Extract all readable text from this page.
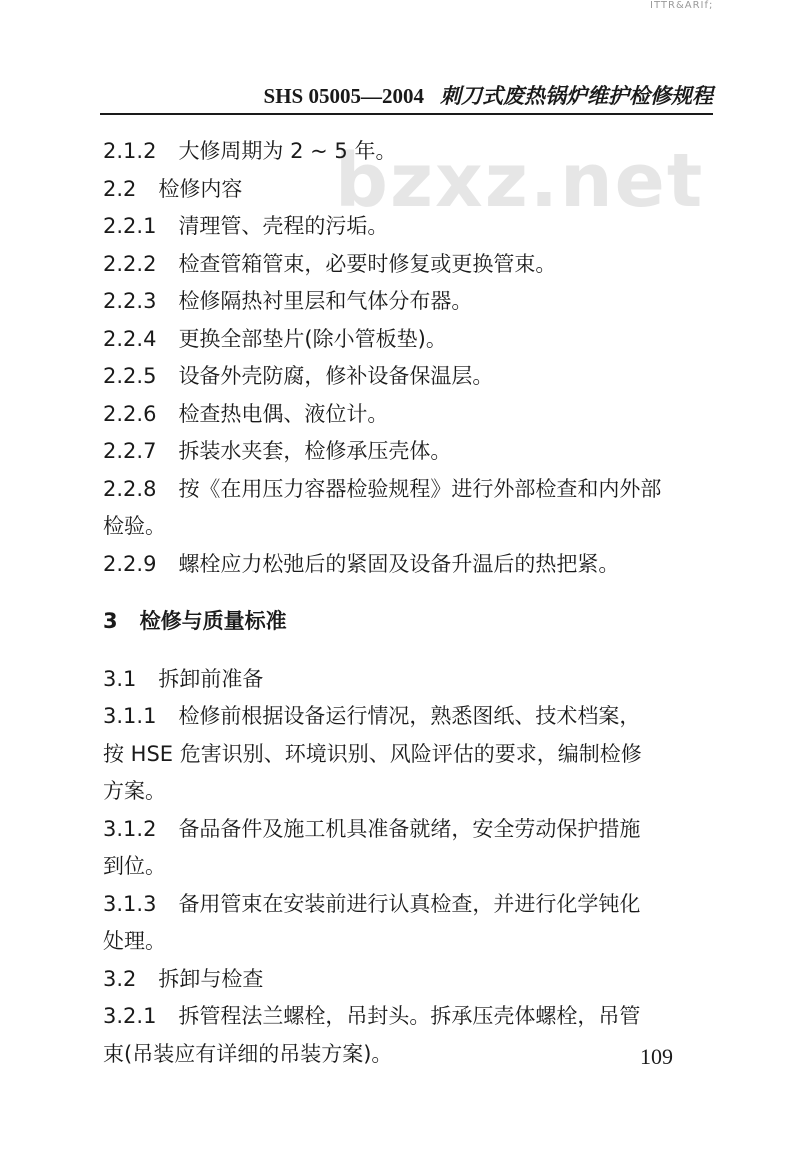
ITTR&ARIf;
SHS 05005—2004 刺刀式废热锅炉维护检修规程
bzxz.net
2.1.2 大修周期为 2 ~ 5 年。
2.2 检修内容
2.2.1 清理管、壳程的污垢。
2.2.2 检查管箱管束，必要时修复或更换管束。
2.2.3 检修隔热衬里层和气体分布器。
2.2.4 更换全部垫片(除小管板垫)。
2.2.5 设备外壳防腐，修补设备保温层。
2.2.6 检查热电偶、液位计。
2.2.7 拆装水夹套，检修承压壳体。
2.2.8 按《在用压力容器检验规程》进行外部检查和内外部
检验。
2.2.9 螺栓应力松弛后的紧固及设备升温后的热把紧。
3 检修与质量标准
3.1 拆卸前准备
3.1.1 检修前根据设备运行情况，熟悉图纸、技术档案，
按 HSE 危害识别、环境识别、风险评估的要求，编制检修
方案。
3.1.2 备品备件及施工机具准备就绪，安全劳动保护措施
到位。
3.1.3 备用管束在安装前进行认真检查，并进行化学钝化
处理。
3.2 拆卸与检查
3.2.1 拆管程法兰螺栓，吊封头。拆承压壳体螺栓，吊管
束(吊装应有详细的吊装方案)。	109
